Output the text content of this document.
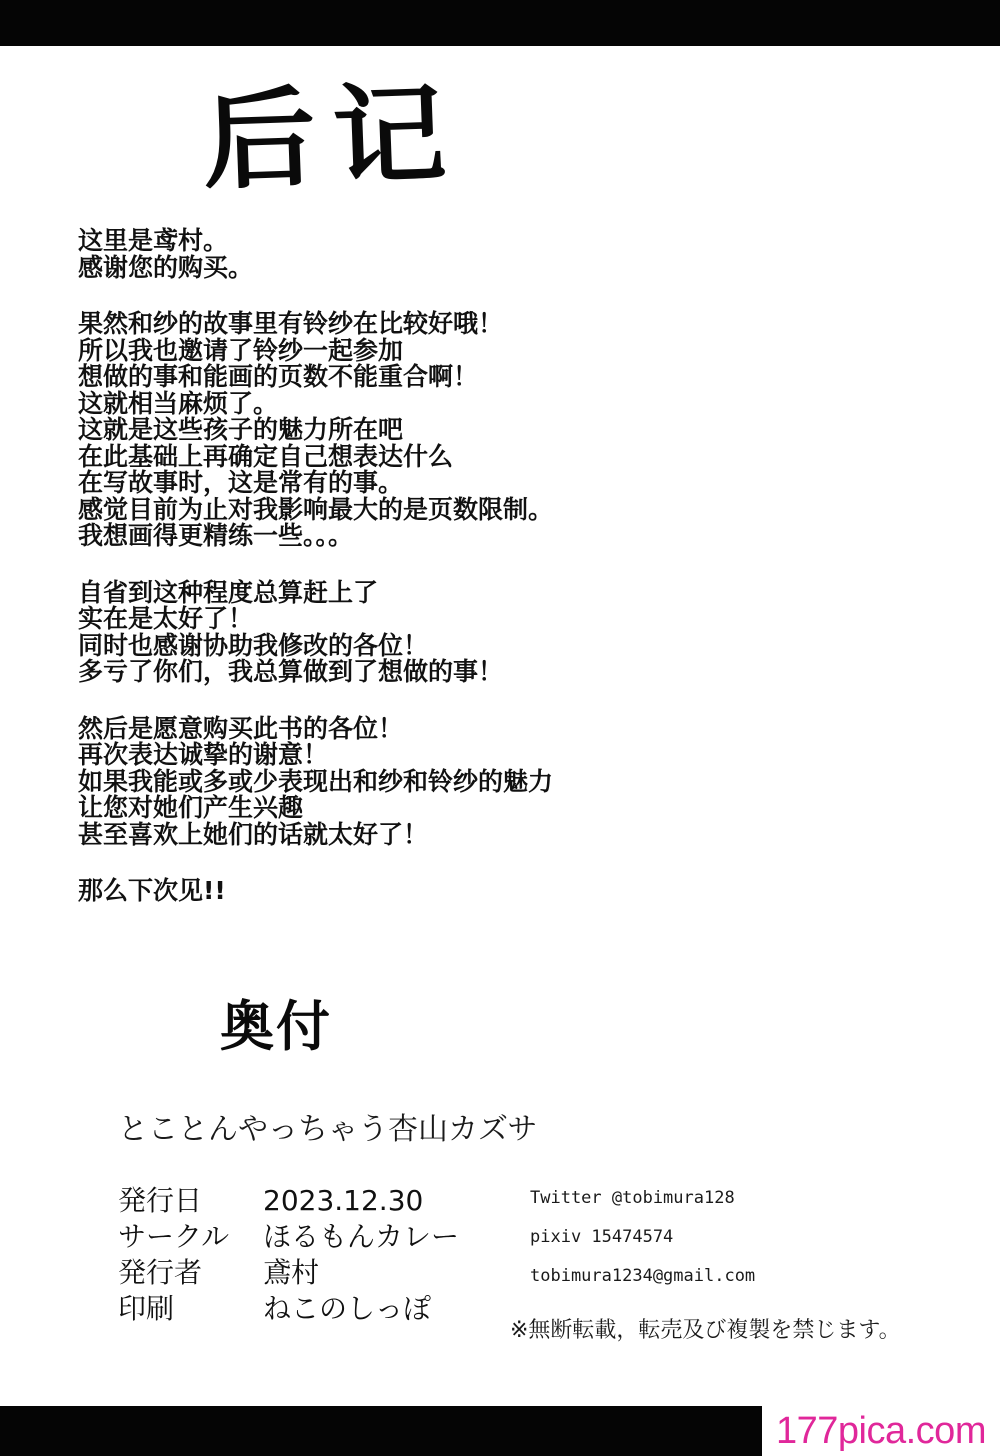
后记
这里是鸢村。
感谢您的购买。
果然和纱的故事里有铃纱在比较好哦！
所以我也邀请了铃纱一起参加
想做的事和能画的页数不能重合啊！
这就相当麻烦了。
这就是这些孩子的魅力所在吧
在此基础上再确定自己想表达什么
在写故事时，这是常有的事。
感觉目前为止对我影响最大的是页数限制。
我想画得更精练一些。。。
自省到这种程度总算赶上了
实在是太好了！
同时也感谢协助我修改的各位！
多亏了你们，我总算做到了想做的事！
然后是愿意购买此书的各位！
再次表达诚挚的谢意！
如果我能或多或少表现出和纱和铃纱的魅力
让您对她们产生兴趣
甚至喜欢上她们的话就太好了！
那么下次见!!
奥付
とことんやっちゃう杏山カズサ
発行日 2023.12.30
サークル ほるもんカレー
発行者 鳶村
印刷	ねこのしっぽ
Twitter @tobimura128
pixiv 15474574
tobimura1234@gmail.com
※無断転載，転売及び複製を禁じます。
177pica.com
